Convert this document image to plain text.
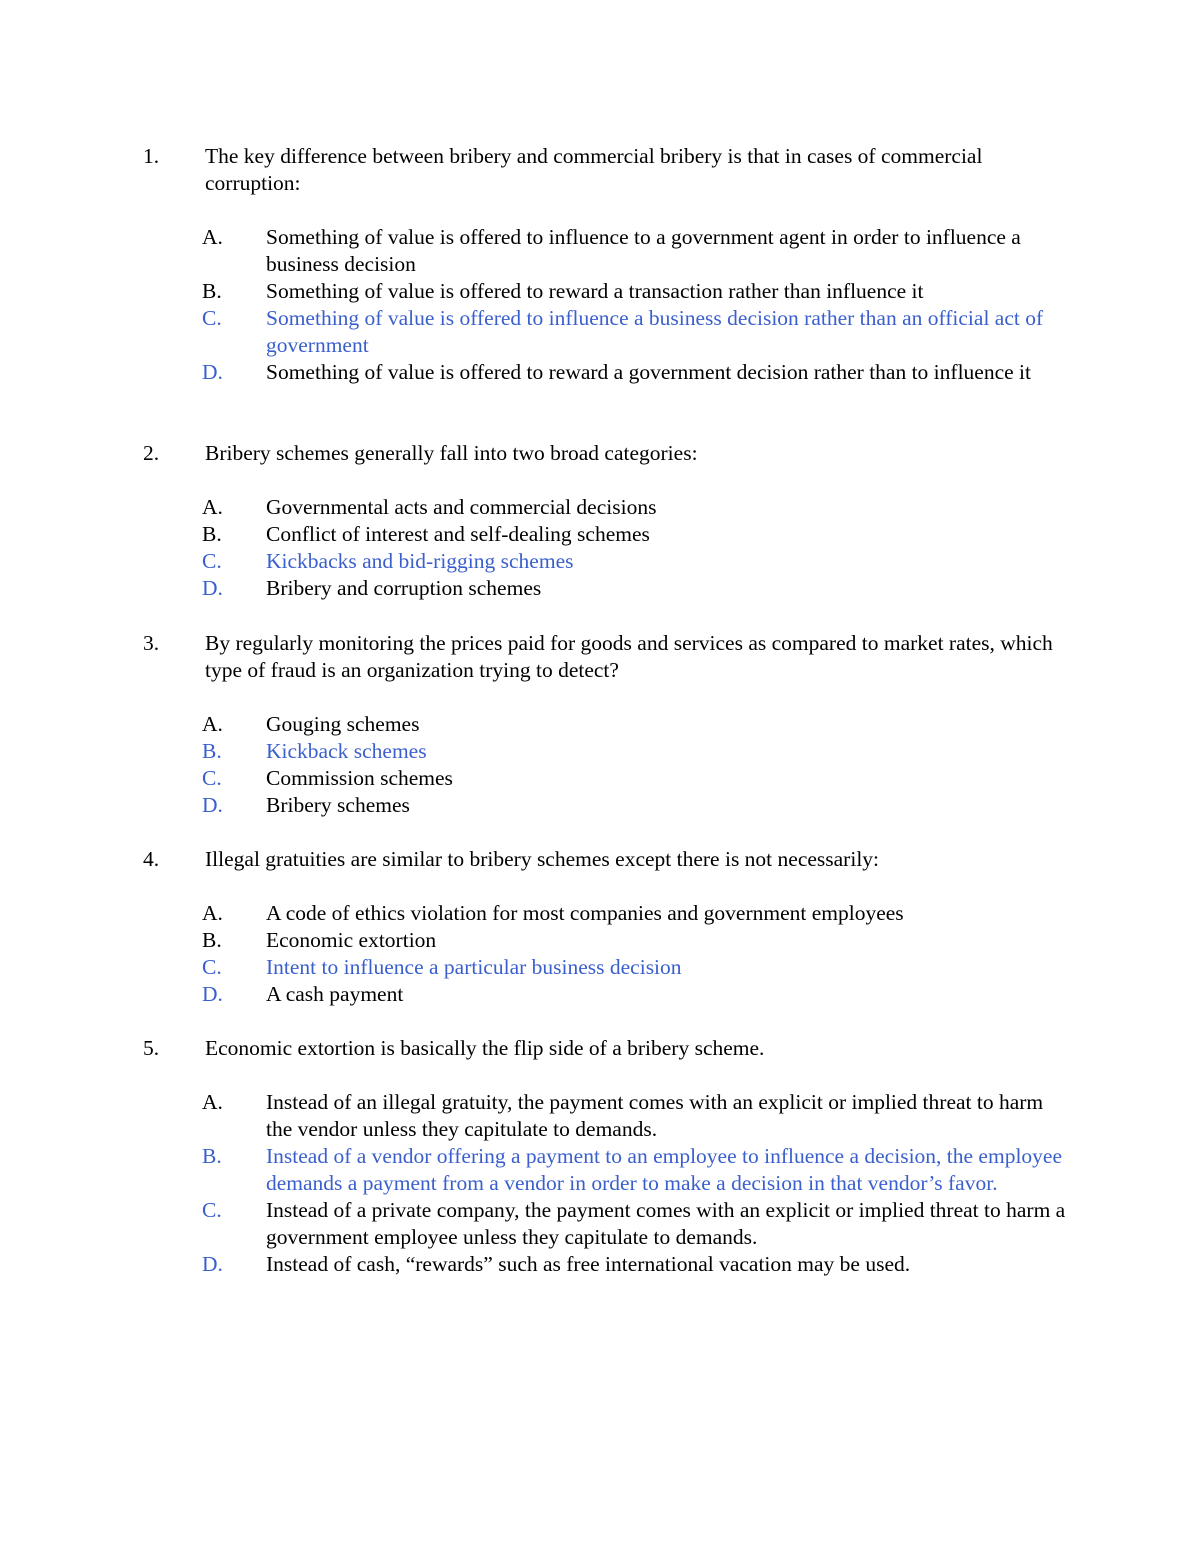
1.	The key difference between bribery and commercial bribery is that in cases of commercial corruption:
A.	Something of value is offered to influence to a government agent in order to influence a business decision
B.	Something of value is offered to reward a transaction rather than influence it
C.	Something of value is offered to influence a business decision rather than an official act of government
D.	Something of value is offered to reward a government decision rather than to influence it
2.	Bribery schemes generally fall into two broad categories:
A.	Governmental acts and commercial decisions
B.	Conflict of interest and self-dealing schemes
C.	Kickbacks and bid-rigging schemes
D.	Bribery and corruption schemes
3.	By regularly monitoring the prices paid for goods and services as compared to market rates, which type of fraud is an organization trying to detect?
A.	Gouging schemes
B.	Kickback schemes
C.	Commission schemes
D.	Bribery schemes
4.	Illegal gratuities are similar to bribery schemes except there is not necessarily:
A.	A code of ethics violation for most companies and government employees
B.	Economic extortion
C.	Intent to influence a particular business decision
D.	A cash payment
5.	Economic extortion is basically the flip side of a bribery scheme.
A.	Instead of an illegal gratuity, the payment comes with an explicit or implied threat to harm the vendor unless they capitulate to demands.
B.	Instead of a vendor offering a payment to an employee to influence a decision, the employee demands a payment from a vendor in order to make a decision in that vendor’s favor.
C.	Instead of a private company, the payment comes with an explicit or implied threat to harm a government employee unless they capitulate to demands.
D.	Instead of cash, “rewards” such as free international vacation may be used.
